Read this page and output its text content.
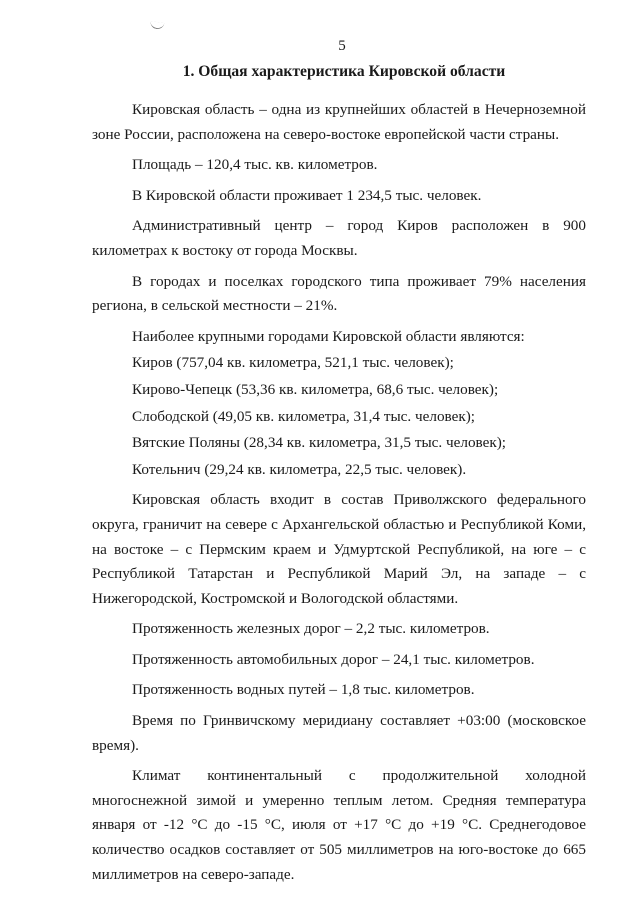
5
1. Общая характеристика Кировской области

Кировская область – одна из крупнейших областей в Нечерноземной зоне России, расположена на северо-востоке европейской части страны.

Площадь – 120,4 тыс. кв. километров.

В Кировской области проживает 1 234,5 тыс. человек.

Административный центр – город Киров расположен в 900 километрах к востоку от города Москвы.

В городах и поселках городского типа проживает 79% населения региона, в сельской местности – 21%.

Наиболее крупными городами Кировской области являются:

Киров (757,04 кв. километра, 521,1 тыс. человек);

Кирово-Чепецк (53,36 кв. километра, 68,6 тыс. человек);

Слободской (49,05 кв. километра, 31,4 тыс. человек);

Вятские Поляны (28,34 кв. километра, 31,5 тыс. человек);

Котельнич (29,24 кв. километра, 22,5 тыс. человек).

Кировская область входит в состав Приволжского федерального округа, граничит на севере с Архангельской областью и Республикой Коми, на востоке – с Пермским краем и Удмуртской Республикой, на юге – с Республикой Татарстан и Республикой Марий Эл, на западе – с Нижегородской, Костромской и Вологодской областями.

Протяженность железных дорог – 2,2 тыс. километров.

Протяженность автомобильных дорог – 24,1 тыс. километров.

Протяженность водных путей – 1,8 тыс. километров.

Время по Гринвичскому меридиану составляет +03:00 (московское время).

Климат континентальный с продолжительной холодной многоснежной зимой и умеренно теплым летом. Средняя температура января от -12 °С до -15 °С, июля от +17 °С до +19 °С. Среднегодовое количество осадков составляет от 505 миллиметров на юго-востоке до 665 миллиметров на северо-западе.
